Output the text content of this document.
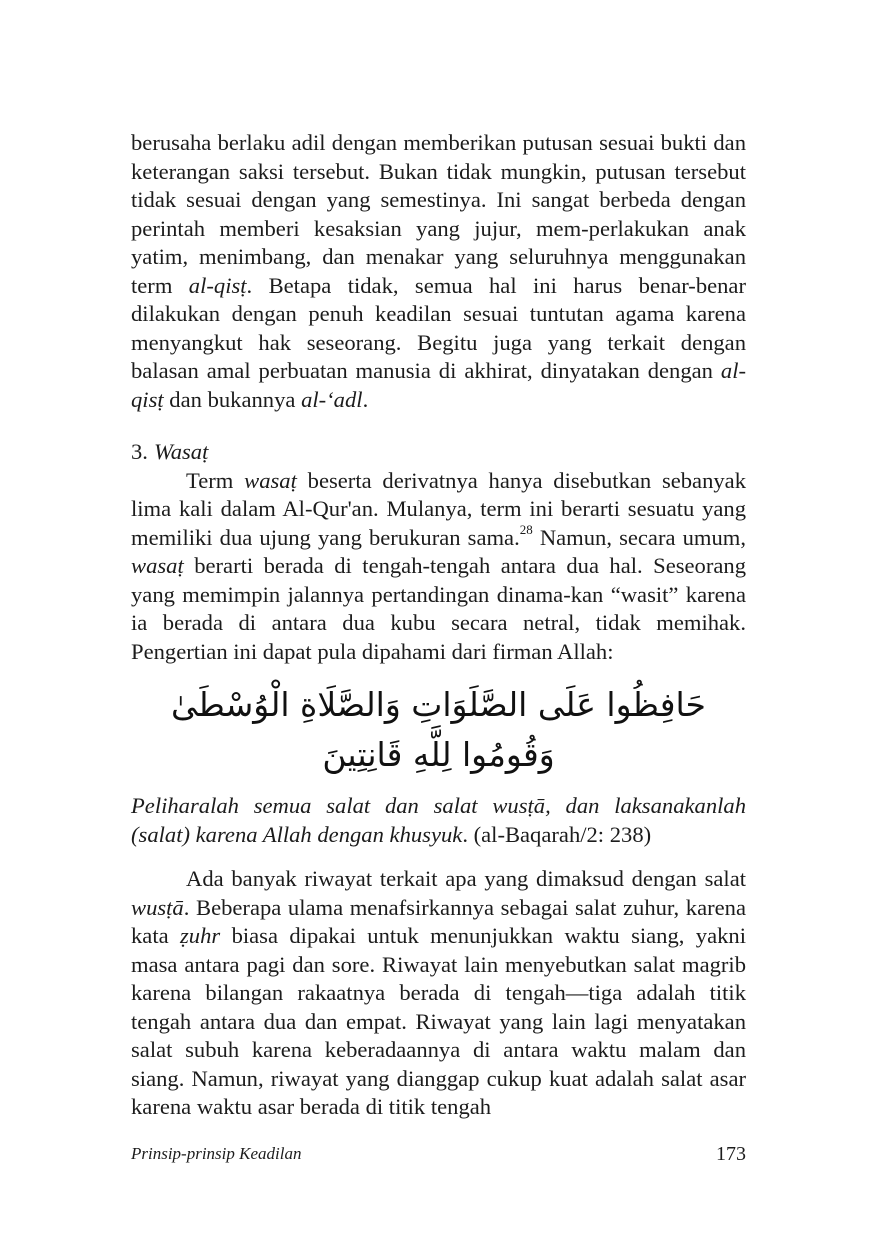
berusaha berlaku adil dengan memberikan putusan sesuai bukti dan keterangan saksi tersebut. Bukan tidak mungkin, putusan tersebut tidak sesuai dengan yang semestinya. Ini sangat berbeda dengan perintah memberi kesaksian yang jujur, mem-perlakukan anak yatim, menimbang, dan menakar yang seluruhnya menggunakan term al-qisṭ. Betapa tidak, semua hal ini harus benar-benar dilakukan dengan penuh keadilan sesuai tuntutan agama karena menyangkut hak seseorang. Begitu juga yang terkait dengan balasan amal perbuatan manusia di akhirat, dinyatakan dengan al-qisṭ dan bukannya al-‘adl.

3. Wasaṭ

Term wasaṭ beserta derivatnya hanya disebutkan sebanyak lima kali dalam Al-Qur'an. Mulanya, term ini berarti sesuatu yang memiliki dua ujung yang berukuran sama.$^{28}$ Namun, secara umum, wasaṭ berarti berada di tengah-tengah antara dua hal. Seseorang yang memimpin jalannya pertandingan dinama-kan “wasit” karena ia berada di antara dua kubu secara netral, tidak memihak. Pengertian ini dapat pula dipahami dari firman Allah:

حَافِظُوا عَلَى الصَّلَوَاتِ وَالصَّلَاةِ الْوُسْطَىٰ وَقُومُوا لِلَّهِ قَانِتِينَ

Peliharalah semua salat dan salat wusṭā, dan laksanakanlah (salat) karena Allah dengan khusyuk. (al-Baqarah/2: 238)

Ada banyak riwayat terkait apa yang dimaksud dengan salat wusṭā. Beberapa ulama menafsirkannya sebagai salat zuhur, karena kata ẓuhr biasa dipakai untuk menunjukkan waktu siang, yakni masa antara pagi dan sore. Riwayat lain menyebutkan salat magrib karena bilangan rakaatnya berada di tengah—tiga adalah titik tengah antara dua dan empat. Riwayat yang lain lagi menyatakan salat subuh karena keberadaannya di antara waktu malam dan siang. Namun, riwayat yang dianggap cukup kuat adalah salat asar karena waktu asar berada di titik tengah

Prinsip-prinsip Keadilan	173
